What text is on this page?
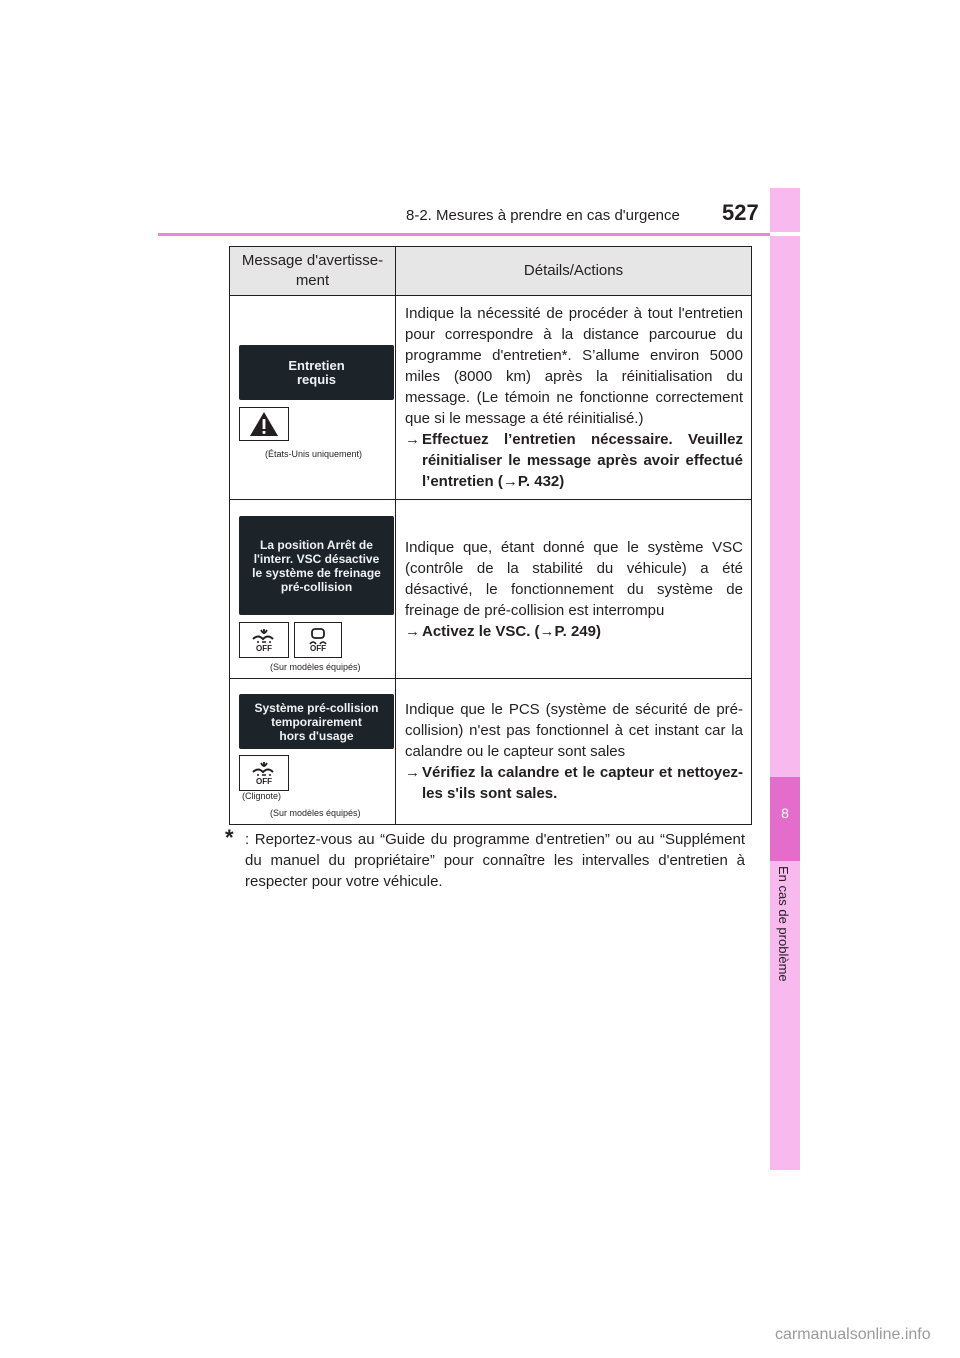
8-2. Mesures à prendre en cas d'urgence 527
8
En cas de problème
Message d'avertisse-ment
Détails/Actions
Entretien
requis
(États-Unis uniquement)
Indique la nécessité de procéder à tout l'entretien pour correspondre à la distance parcourue du programme d'entretien*. S’allume environ 5000 miles (8000 km) après la réinitialisation du message. (Le témoin ne fonctionne correctement que si le message a été réinitialisé.)
→ Effectuez l’entretien nécessaire. Veuillez réinitialiser le message après avoir effectué l’entretien (→P. 432)
La position Arrêt de
l'interr. VSC désactive
le système de freinage
pré-collision
OFF	OFF
(Sur modèles équipés)
Indique que, étant donné que le système VSC (contrôle de la stabilité du véhicule) a été désactivé, le fonctionnement du système de freinage de pré-collision est interrompu
→ Activez le VSC. (→P. 249)
Système pré-collision
temporairement
hors d'usage
OFF
(Clignote)
(Sur modèles équipés)
Indique que le PCS (système de sécurité de pré-collision) n'est pas fonctionnel à cet instant car la calandre ou le capteur sont sales
→ Vérifiez la calandre et le capteur et nettoyez-les s'ils sont sales.
* : Reportez-vous au “Guide du programme d'entretien” ou au “Supplément du manuel du propriétaire” pour connaître les intervalles d'entretien à respecter pour votre véhicule.
carmanualsonline.info
